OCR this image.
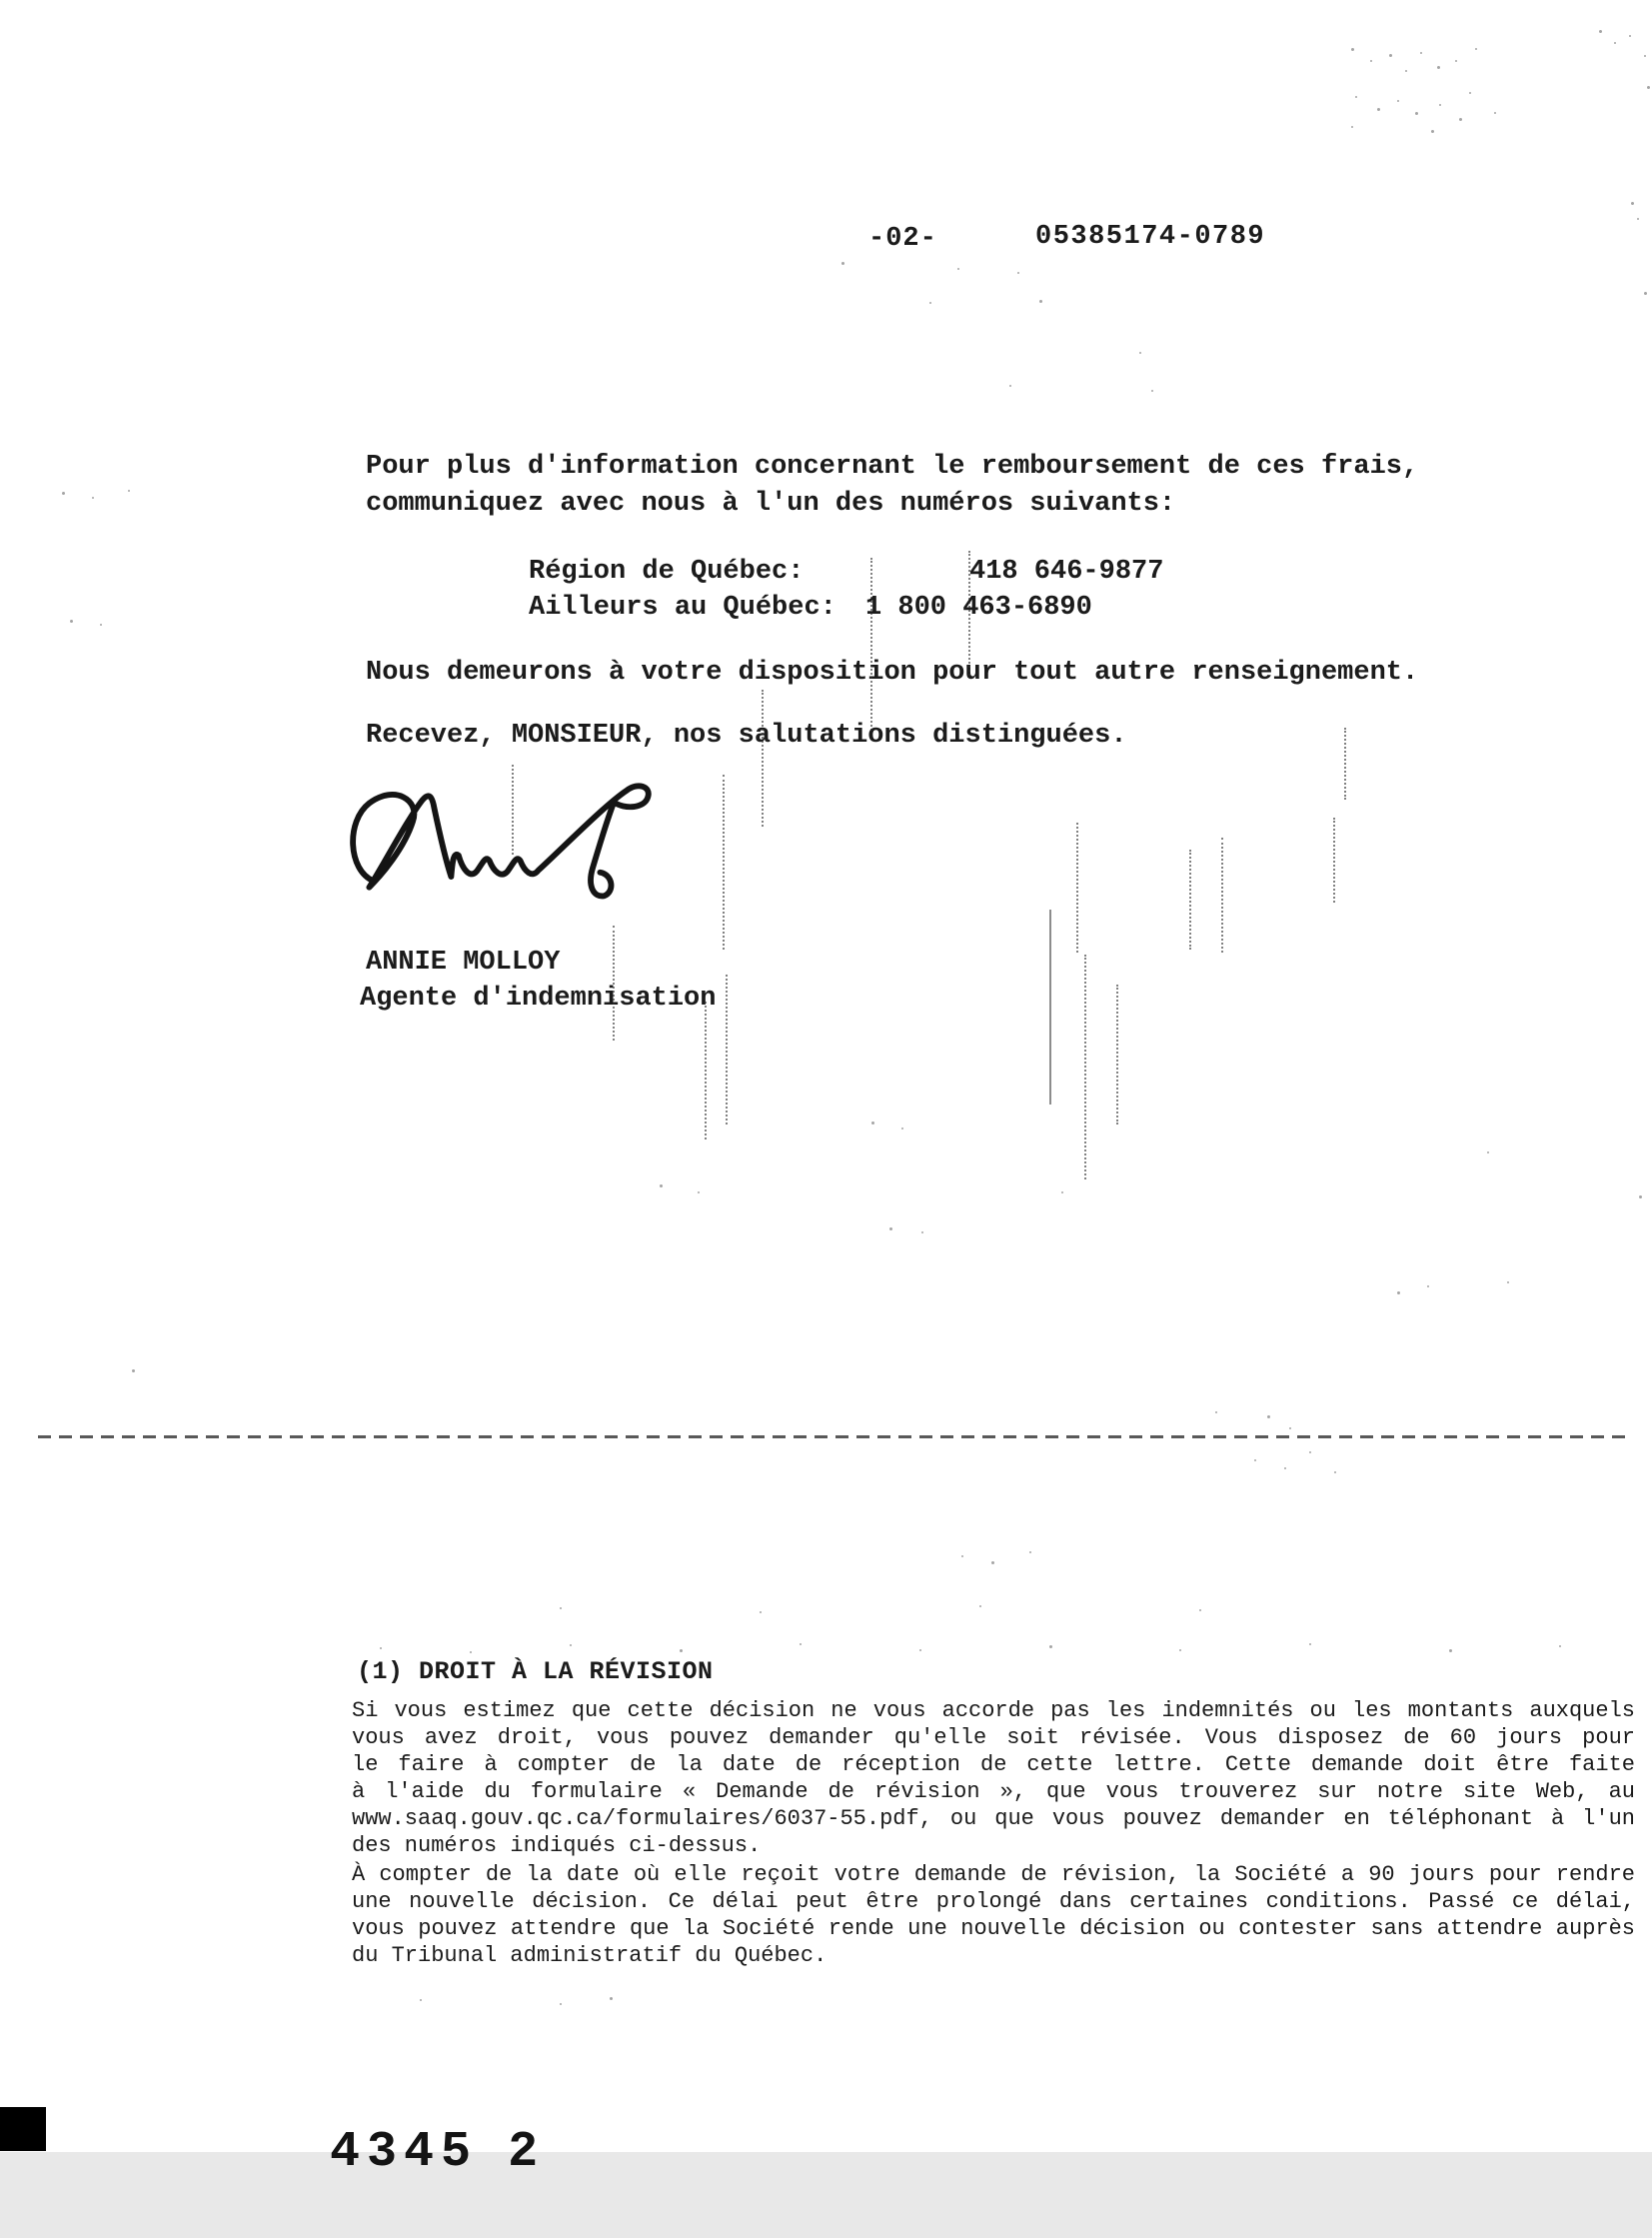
-02-	05385174-0789
Pour plus d'information concernant le remboursement de ces frais,
communiquez avec nous à l'un des numéros suivants:
Région de Québec:	418 646-9877
Ailleurs au Québec: 1 800 463-6890
Nous demeurons à votre disposition pour tout autre renseignement.
Recevez, MONSIEUR, nos salutations distinguées.
ANNIE MOLLOY
Agente d'indemnisation
(1) DROIT À LA RÉVISION
Si vous estimez que cette décision ne vous accorde pas les indemnités ou les montants auxquels
vous avez droit, vous pouvez demander qu'elle soit révisée. Vous disposez de 60 jours pour
le faire à compter de la date de réception de cette lettre. Cette demande doit être faite
à l'aide du formulaire « Demande de révision », que vous trouverez sur notre site Web, au
www.saaq.gouv.qc.ca/formulaires/6037-55.pdf, ou que vous pouvez demander en téléphonant à l'un
des numéros indiqués ci-dessus.
À compter de la date où elle reçoit votre demande de révision, la Société a 90 jours pour rendre
une nouvelle décision. Ce délai peut être prolongé dans certaines conditions. Passé ce délai,
vous pouvez attendre que la Société rende une nouvelle décision ou contester sans attendre auprès
du Tribunal administratif du Québec.

4345 2
